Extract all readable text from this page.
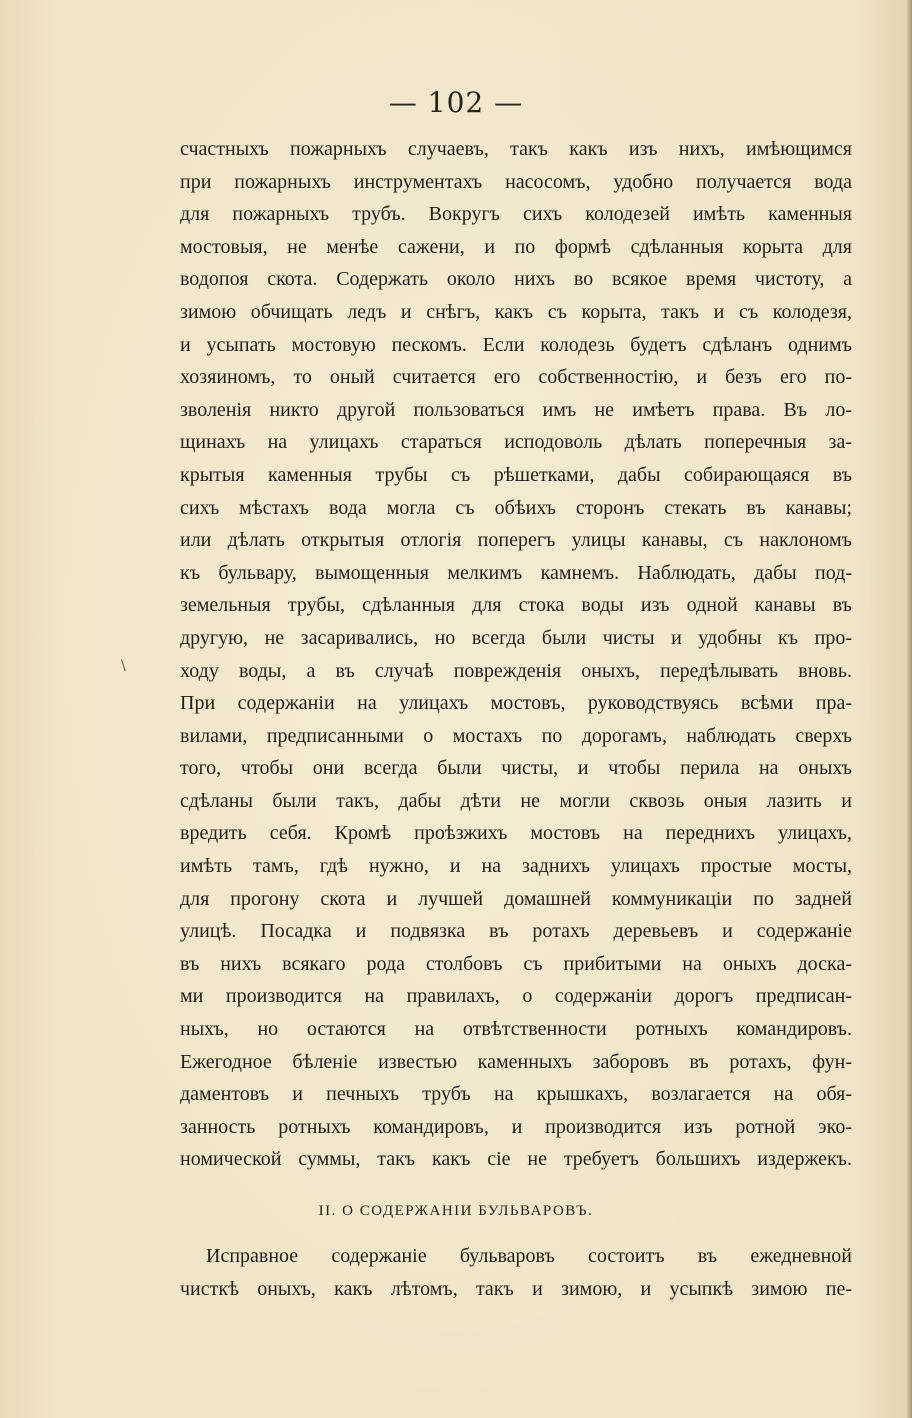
— 102 —
\
счастныхъ пожарныхъ случаевъ, такъ какъ изъ нихъ, имѣющимся
при пожарныхъ инструментахъ насосомъ, удобно получается вода
для пожарныхъ трубъ. Вокругъ сихъ колодезей имѣть каменныя
мостовыя, не менѣе сажени, и по формѣ сдѣланныя корыта для
водопоя скота. Содержать около нихъ во всякое время чистоту, а
зимою обчищать ледъ и снѣгъ, какъ съ корыта, такъ и съ колодезя,
и усыпать мостовую пескомъ. Если колодезь будетъ сдѣланъ однимъ
хозяиномъ, то оный считается его собственностію, и безъ его по-
зволенія никто другой пользоваться имъ не имѣетъ права. Въ ло-
щинахъ на улицахъ стараться исподоволь дѣлать поперечныя за-
крытыя каменныя трубы съ рѣшетками, дабы собирающаяся въ
сихъ мѣстахъ вода могла съ обѣихъ сторонъ стекать въ канавы;
или дѣлать открытыя отлогія поперегъ улицы канавы, съ наклономъ
къ бульвару, вымощенныя мелкимъ камнемъ. Наблюдать, дабы под-
земельныя трубы, сдѣланныя для стока воды изъ одной канавы въ
другую, не засаривались, но всегда были чисты и удобны къ про-
ходу воды, а въ случаѣ поврежденія оныхъ, передѣлывать вновь.
При содержаніи на улицахъ мостовъ, руководствуясь всѣми пра-
вилами, предписанными о мостахъ по дорогамъ, наблюдать сверхъ
того, чтобы они всегда были чисты, и чтобы перила на оныхъ
сдѣланы были такъ, дабы дѣти не могли сквозь оныя лазить и
вредить себя. Кромѣ проѣзжихъ мостовъ на переднихъ улицахъ,
имѣть тамъ, гдѣ нужно, и на заднихъ улицахъ простые мосты,
для прогону скота и лучшей домашней коммуникаціи по задней
улицѣ. Посадка и подвязка въ ротахъ деревьевъ и содержаніе
въ нихъ всякаго рода столбовъ съ прибитыми на оныхъ доска-
ми производится на правилахъ, о содержаніи дорогъ предписан-
ныхъ, но остаются на отвѣтственности ротныхъ командировъ.
Ежегодное бѣленіе известью каменныхъ заборовъ въ ротахъ, фун-
даментовъ и печныхъ трубъ на крышкахъ, возлагается на обя-
занность ротныхъ командировъ, и производится изъ ротной эко-
номической суммы, такъ какъ сіе не требуетъ большихъ издержекъ.
II. О СОДЕРЖАНІИ БУЛЬВАРОВЪ.
Исправное содержаніе бульваровъ состоитъ въ ежедневной
чисткѣ оныхъ, какъ лѣтомъ, такъ и зимою, и усыпкѣ зимою пе-
